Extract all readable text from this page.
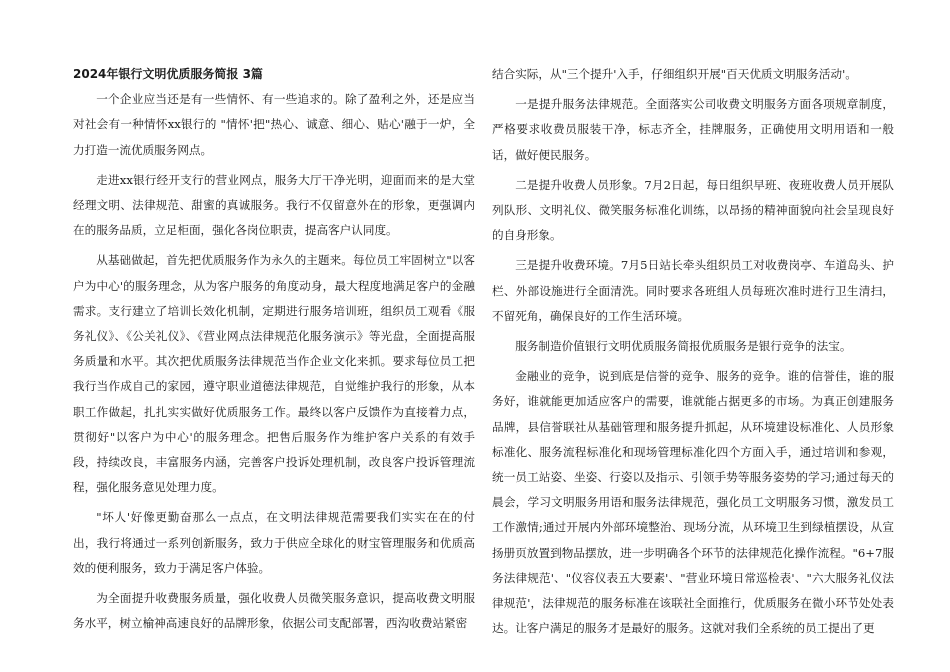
2024年银行文明优质服务简报 3篇

一个企业应当还是有一些情怀、有一些追求的。除了盈利之外，还是应当对社会有一种情怀xx银行的 "情怀'把"热心、诚意、细心、贴心'融于一炉，全力打造一流优质服务网点。

走进xx银行经开支行的营业网点，服务大厅干净光明，迎面而来的是大堂经理文明、法律规范、甜蜜的真诚服务。我行不仅留意外在的形象，更强调内在的服务品质，立足柜面，强化各岗位职责，提高客户认同度。

从基础做起，首先把优质服务作为永久的主题来。每位员工牢固树立"以客户为中心'的服务理念，从为客户服务的角度动身，最大程度地满足客户的金融需求。支行建立了培训长效化机制，定期进行服务培训班，组织员工观看《服务礼仪》、《公关礼仪》、《营业网点法律规范化服务演示》等光盘，全面提高服务质量和水平。其次把优质服务法律规范当作企业文化来抓。要求每位员工把我行当作成自己的家园，遵守职业道德法律规范，自觉维护我行的形象，从本职工作做起，扎扎实实做好优质服务工作。最终以客户反馈作为直接着力点，贯彻好"以客户为中心'的服务理念。把售后服务作为维护客户关系的有效手段，持续改良，丰富服务内涵，完善客户投诉处理机制，改良客户投诉管理流程，强化服务意见处理力度。

"坏人'好像更勤奋那么一点点，在文明法律规范需要我们实实在在的付出，我行将通过一系列创新服务，致力于供应全球化的财宝管理服务和优质高效的便利服务，致力于满足客户体验。

为全面提升收费服务质量，强化收费人员微笑服务意识，提高收费文明服务水平，树立榆神高速良好的品牌形象，依据公司支配部署，西沟收费站紧密

结合实际，从"三个提升'入手，仔细组织开展"百天优质文明服务活动'。

一是提升服务法律规范。全面落实公司收费文明服务方面各项规章制度，严格要求收费员服装干净，标志齐全，挂牌服务，正确使用文明用语和一般话，做好便民服务。

二是提升收费人员形象。7月2日起，每日组织早班、夜班收费人员开展队列队形、文明礼仪、微笑服务标准化训练，以昂扬的精神面貌向社会呈现良好的自身形象。

三是提升收费环境。7月5日站长牵头组织员工对收费岗亭、车道岛头、护栏、外部设施进行全面清洗。同时要求各班组人员每班次准时进行卫生清扫，不留死角，确保良好的工作生活环境。

服务制造价值银行文明优质服务简报优质服务是银行竞争的法宝。

金融业的竞争，说到底是信誉的竞争、服务的竞争。谁的信誉佳，谁的服务好，谁就能更加适应客户的需要，谁就能占据更多的市场。为真正创建服务品牌，县信誉联社从基础管理和服务提升抓起，从环境建设标准化、人员形象标准化、服务流程标准化和现场管理标准化四个方面入手，通过培训和参观，统一员工站姿、坐姿、行姿以及指示、引领手势等服务姿势的学习;通过每天的晨会，学习文明服务用语和服务法律规范，强化员工文明服务习惯，激发员工工作激情;通过开展内外部环境整治、现场分流，从环境卫生到绿植摆设，从宣扬册页放置到物品摆放，进一步明确各个环节的法律规范化操作流程。"6+7服务法律规范'、"仪容仪表五大要素'、"营业环境日常巡检表'、"六大服务礼仪法律规范'，法律规范的服务标准在该联社全面推行，优质服务在微小环节处处表达。让客户满足的服务才是最好的服务。这就对我们全系统的员工提出了更
